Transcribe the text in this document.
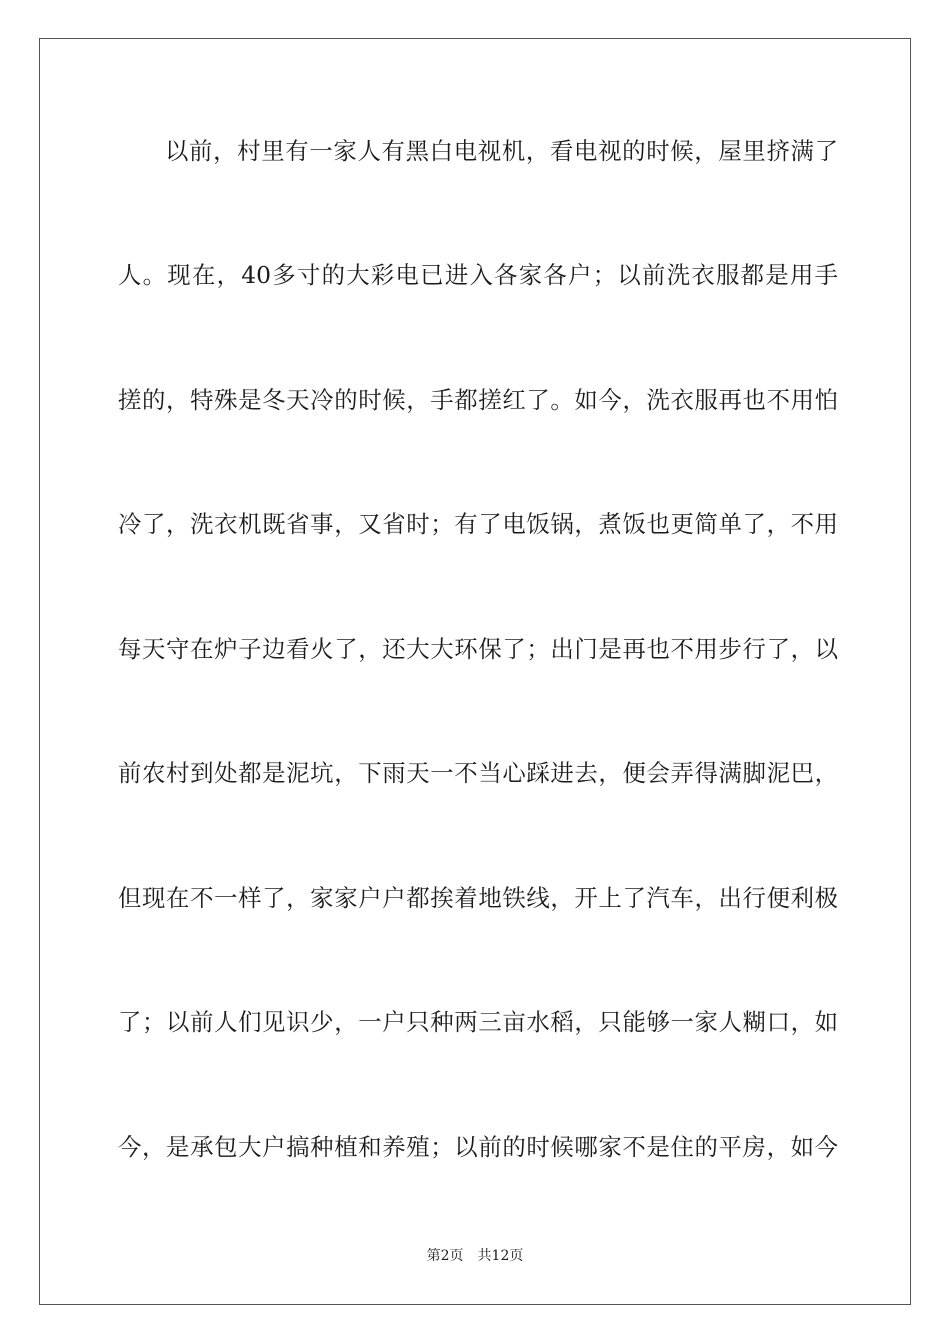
以前，村里有一家人有黑白电视机，看电视的时候，屋里挤满了
人。现在，40多寸的大彩电已进入各家各户；以前洗衣服都是用手
搓的，特殊是冬天冷的时候，手都搓红了。如今，洗衣服再也不用怕
冷了，洗衣机既省事，又省时；有了电饭锅，煮饭也更简单了，不用
每天守在炉子边看火了，还大大环保了；出门是再也不用步行了，以
前农村到处都是泥坑，下雨天一不当心踩进去，便会弄得满脚泥巴，
但现在不一样了，家家户户都挨着地铁线，开上了汽车，出行便利极
了；以前人们见识少，一户只种两三亩水稻，只能够一家人糊口，如
今，是承包大户搞种植和养殖；以前的时候哪家不是住的平房，如今
第2页 共12页
